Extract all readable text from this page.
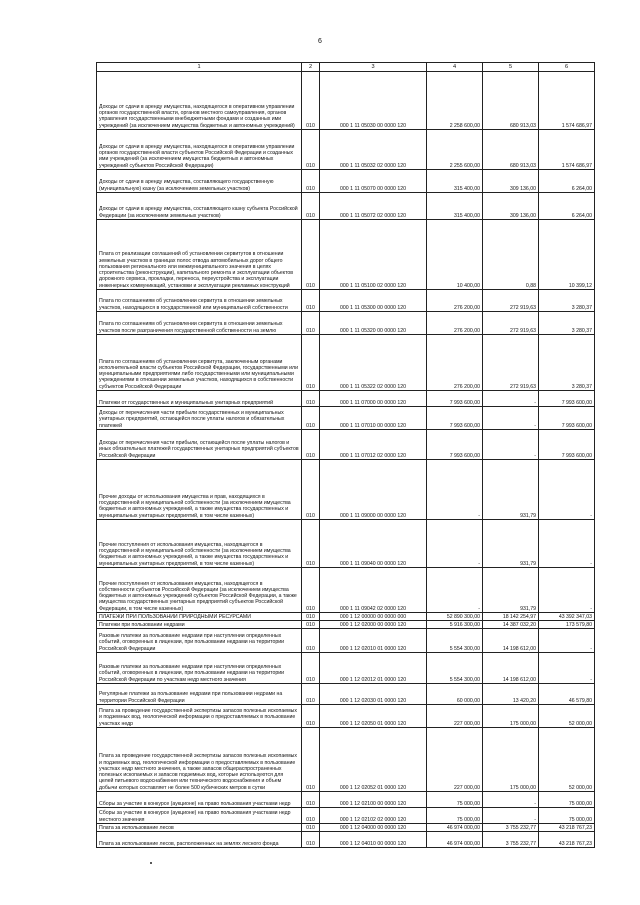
6
1	2	3	4	5	6
Доходы от сдачи в аренду имущества, находящегося в оперативном управлении органов государственной власти, органов местного самоуправления, органов управления государственными внебюджетными фондами и созданных ими учреждений (за исключением имущества бюджетных и автономных учреждений)	010	000 1 11 05030 00 0000 120	2 258 600,00	680 913,03	1 574 686,97
Доходы от сдачи в аренду имущества, находящегося в оперативном управлении органов государственной власти субъектов Российской Федерации и созданных ими учреждений (за исключением имущества бюджетных и автономных учреждений субъектов Российской Федерации)	010	000 1 11 05032 02 0000 120	2 255 600,00	680 913,03	1 574 686,97
Доходы от сдачи в аренду имущества, составляющего государственную (муниципальную) казну (за исключением земельных участков)	010	000 1 11 05070 00 0000 120	315 400,00	309 136,00	6 264,00
Доходы от сдачи в аренду имущества, составляющего казну субъекта Российской Федерации (за исключением земельных участков)	010	000 1 11 05072 02 0000 120	315 400,00	309 136,00	6 264,00
Плата от реализации соглашений об установлении сервитутов в отношении земельных участков в границах полос отвода автомобильных дорог общего пользования регионального или межмуниципального значения в целях строительства (реконструкции), капитального ремонта и эксплуатации объектов дорожного сервиса, прокладки, переноса, переустройства и эксплуатации инженерных коммуникаций, установки и эксплуатации рекламных конструкций	010	000 1 11 05100 02 0000 120	10 400,00	0,88	10 399,12
Плата по соглашениям об установлении сервитута в отношении земельных участков, находящихся в государственной или муниципальной собственности	010	000 1 11 05300 00 0000 120	276 200,00	272 919,63	3 280,37
Плата по соглашениям об установлении сервитута в отношении земельных участков после разграничения государственной собственности на землю	010	000 1 11 05320 00 0000 120	276 200,00	272 919,63	3 280,37
Плата по соглашениям об установлении сервитута, заключенным органами исполнительной власти субъектов Российской Федерации, государственными или муниципальными предприятиями либо государственными или муниципальными учреждениями в отношении земельных участков, находящихся в собственности субъектов Российской Федерации	010	000 1 11 05322 02 0000 120	276 200,00	272 919,63	3 280,37
Платежи от государственных и муниципальных унитарных предприятий	010	000 1 11 07000 00 0000 120	7 993 600,00	-	7 993 600,00
Доходы от перечисления части прибыли государственных и муниципальных унитарных предприятий, остающейся после уплаты налогов и обязательных платежей	010	000 1 11 07010 00 0000 120	7 993 600,00	-	7 993 600,00
Доходы от перечисления части прибыли, остающейся после уплаты налогов и иных обязательных платежей государственных унитарных предприятий субъектов Российской Федерации	010	000 1 11 07012 02 0000 120	7 993 600,00	-	7 993 600,00
Прочие доходы от использования имущества и прав, находящихся в государственной и муниципальной собственности (за исключением имущества бюджетных и автономных учреждений, а также имущества государственных и муниципальных унитарных предприятий, в том числе казенных)	010	000 1 11 09000 00 0000 120	-	931,79	-
Прочие поступления от использования имущества, находящегося в государственной и муниципальной собственности (за исключением имущества бюджетных и автономных учреждений, а также имущества государственных и муниципальных унитарных предприятий, в том числе казенных)	010	000 1 11 09040 00 0000 120	-	931,79	-
Прочие поступления от использования имущества, находящегося в собственности субъектов Российской Федерации (за исключением имущества бюджетных и автономных учреждений субъектов Российской Федерации, а также имущества государственных унитарных предприятий субъектов Российской Федерации, в том числе казенных)	010	000 1 11 09042 02 0000 120	-	931,79	-
ПЛАТЕЖИ ПРИ ПОЛЬЗОВАНИИ ПРИРОДНЫМИ РЕСУРСАМИ	010	000 1 12 00000 00 0000 000	52 890 300,00	18 142 254,97	43 392 347,03
Платежи при пользовании недрами	010	000 1 12 02000 00 0000 120	5 916 300,00	14 387 032,20	173 579,80
Разовые платежи за пользование недрами при наступлении определенных событий, оговоренных в лицензии, при пользовании недрами на территории Российской Федерации	010	000 1 12 02010 01 0000 120	5 554 300,00	14 198 612,00	-
Разовые платежи за пользование недрами при наступлении определенных событий, оговоренных в лицензии, при пользовании недрами на территории Российской Федерации по участкам недр местного значения	010	000 1 12 02012 01 0000 120	5 554 300,00	14 198 612,00	-
Регулярные платежи за пользование недрами при пользовании недрами на территории Российской Федерации	010	000 1 12 02030 01 0000 120	60 000,00	13 420,20	46 579,80
Плата за проведение государственной экспертизы запасов полезных ископаемых и подземных вод, геологической информации о предоставляемых в пользование участках недр	010	000 1 12 02050 01 0000 120	227 000,00	175 000,00	52 000,00
Плата за проведение государственной экспертизы запасов полезных ископаемых и подземных вод, геологической информации о предоставляемых в пользование участках недр местного значения, а также запасов общераспространенных полезных ископаемых и запасов подземных вод, которые используются для целей питьевого водоснабжения или технического водоснабжения и объем добычи которых составляет не более 500 кубических метров в сутки	010	000 1 12 02052 01 0000 120	227 000,00	175 000,00	52 000,00
Сборы за участие в конкурсе (аукционе) на право пользования участками недр	010	000 1 12 02100 00 0000 120	75 000,00	-	75 000,00
Сборы за участие в конкурсе (аукционе) на право пользования участками недр местного значения	010	000 1 12 02102 02 0000 120	75 000,00	-	75 000,00
Плата за использование лесов	010	000 1 12 04000 00 0000 120	46 974 000,00	3 755 232,77	43 218 767,23
Плата за использование лесов, расположенных на землях лесного фонда	010	000 1 12 04010 00 0000 120	46 974 000,00	3 755 232,77	43 218 767,23
